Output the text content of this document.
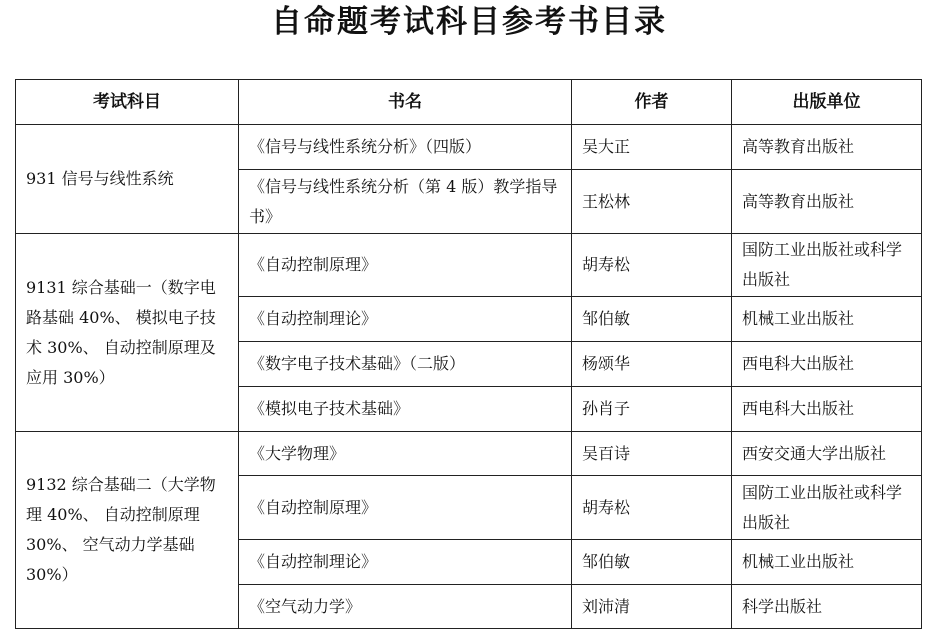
自命题考试科目参考书目录
考试科目	书名	作者	出版单位
931 信号与线性系统	《信号与线性系统分析》（四版）	吴大正	高等教育出版社
	《信号与线性系统分析（第 4 版）教学指导书》	王松林	高等教育出版社
9131 综合基础一（数字电路基础 40%、 模拟电子技术 30%、 自动控制原理及应用 30%）	《自动控制原理》	胡寿松	国防工业出版社或科学出版社
	《自动控制理论》	邹伯敏	机械工业出版社
	《数字电子技术基础》（二版）	杨颂华	西电科大出版社
	《模拟电子技术基础》	孙肖子	西电科大出版社
9132 综合基础二（大学物理 40%、 自动控制原理 30%、 空气动力学基础 30%）	《大学物理》	吴百诗	西安交通大学出版社
	《自动控制原理》	胡寿松	国防工业出版社或科学出版社
	《自动控制理论》	邹伯敏	机械工业出版社
	《空气动力学》	刘沛清	科学出版社
